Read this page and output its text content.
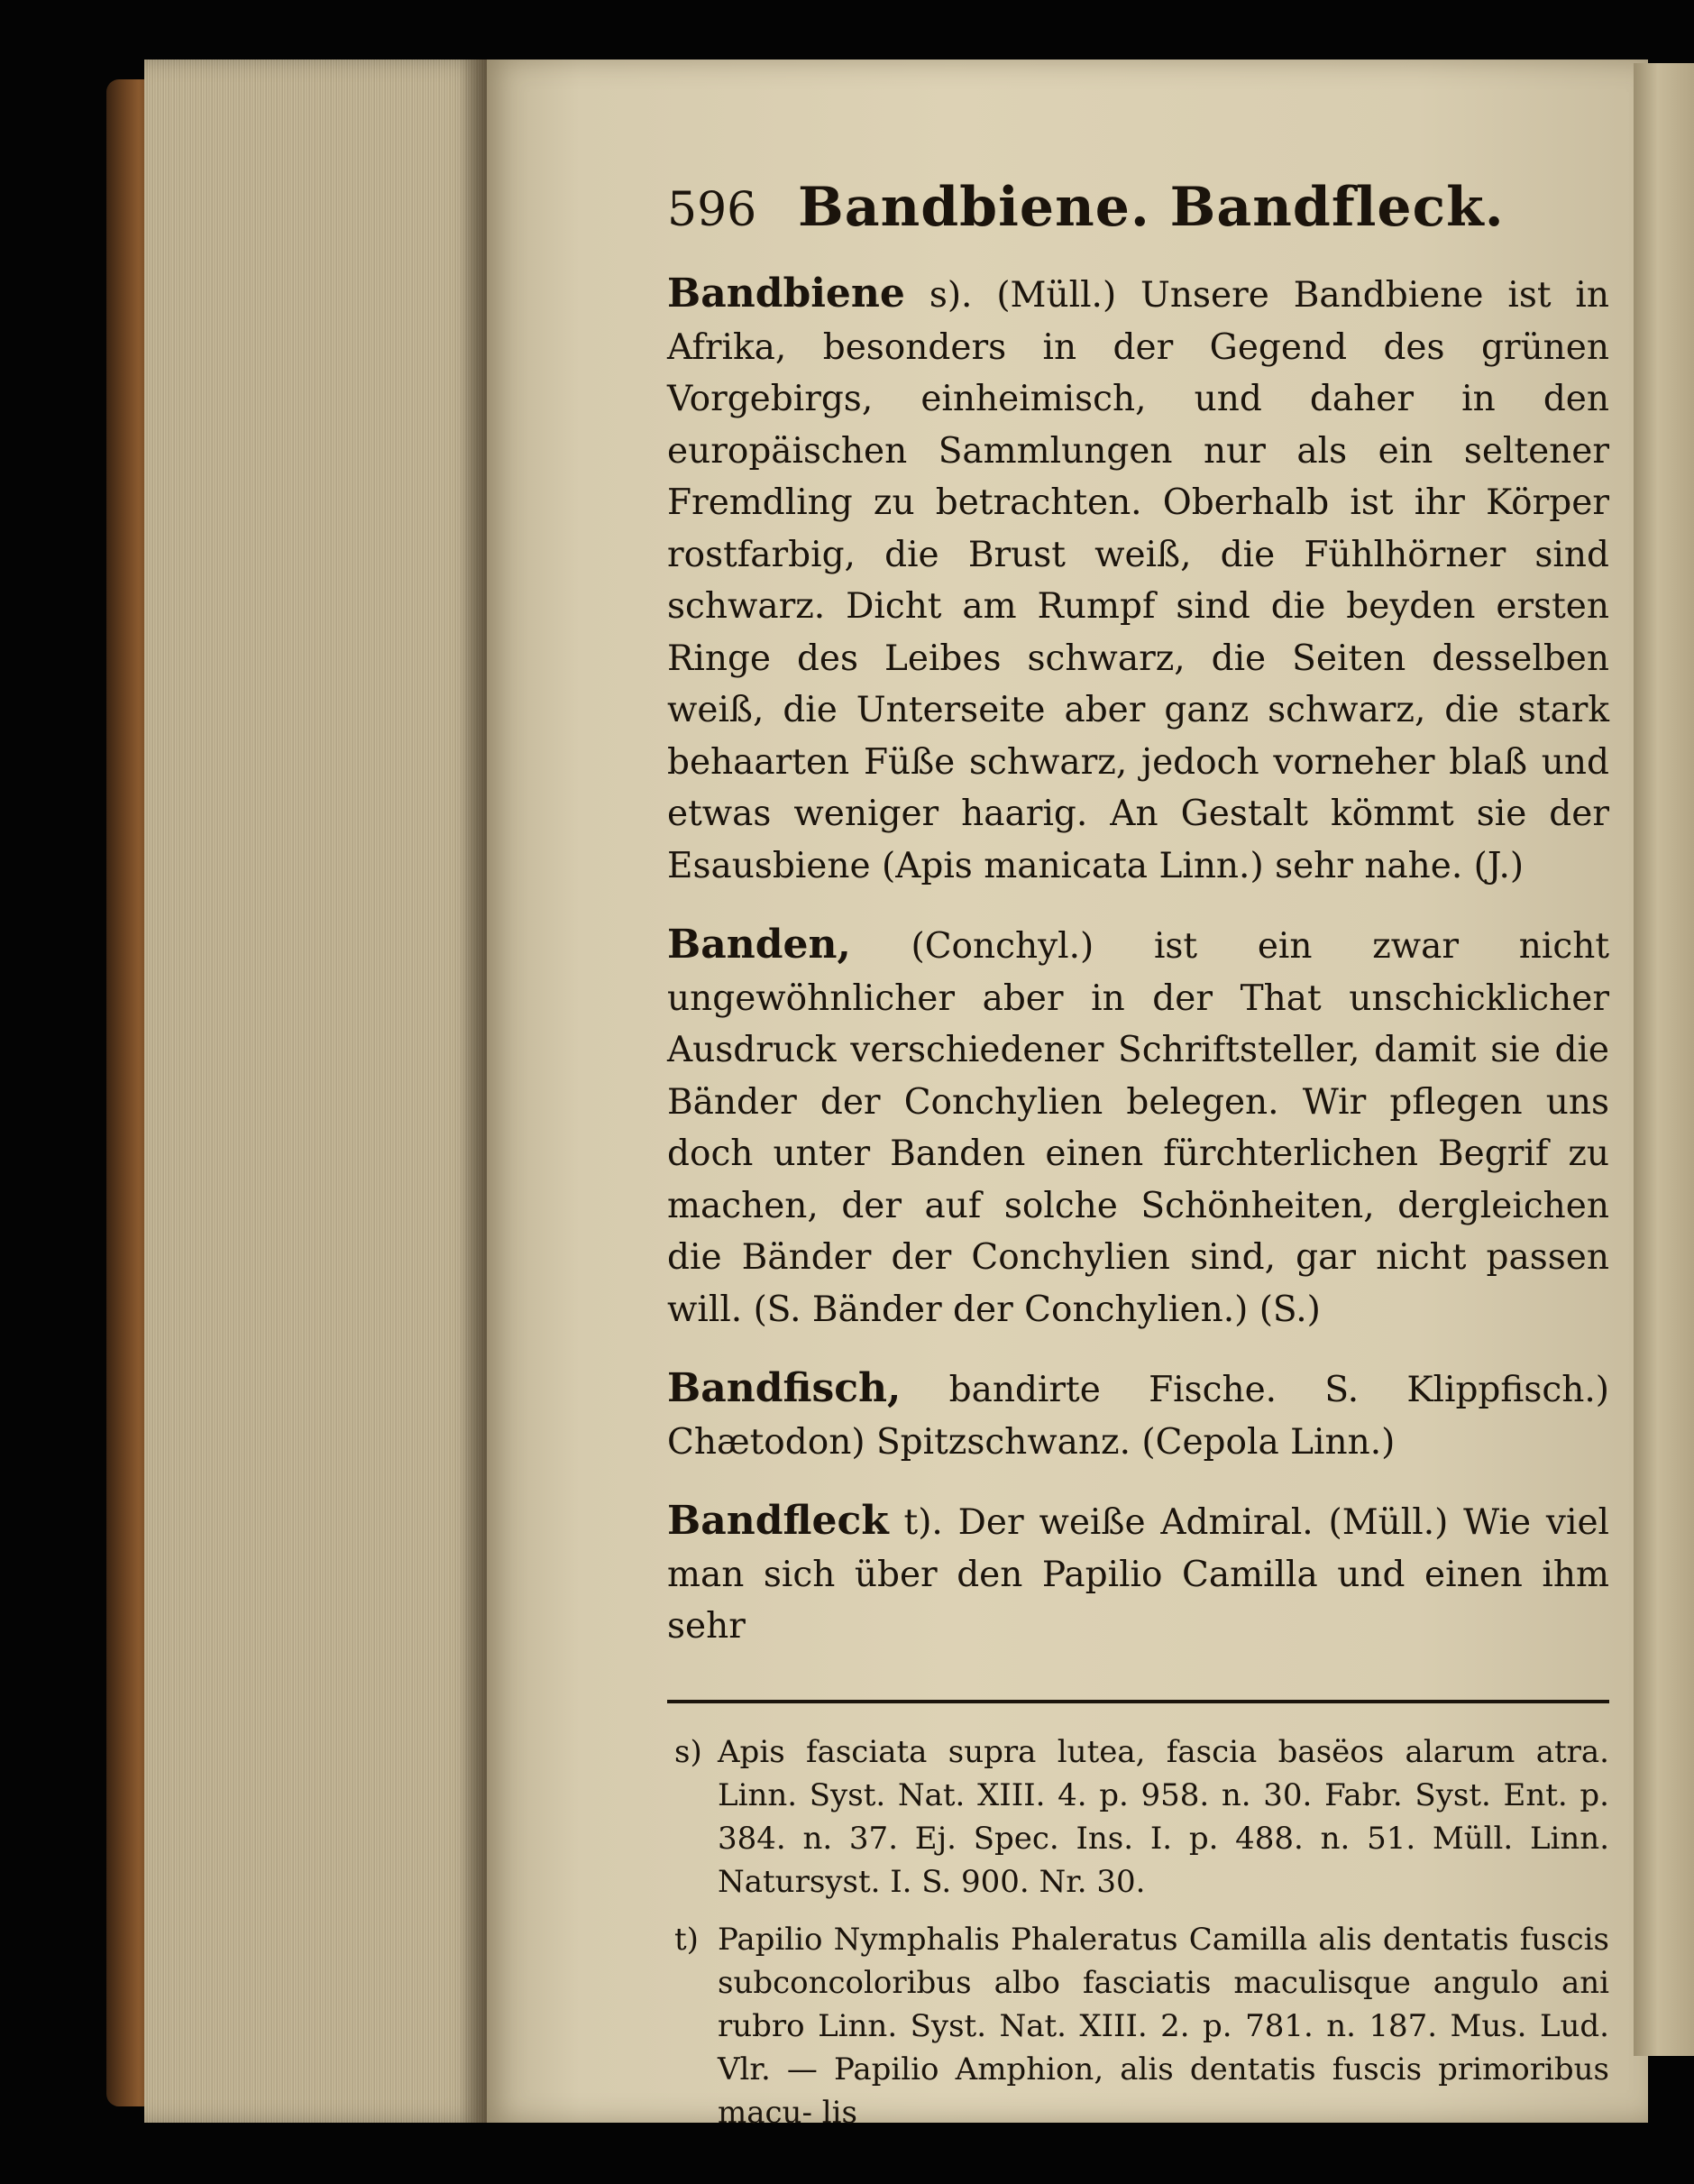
596 Bandbiene. Bandfleck.

Bandbiene s). (Müll.) Unsere Bandbiene ist in Afrika, besonders in der Gegend des grünen Vorgebirgs, einheimisch, und daher in den europäischen Sammlungen nur als ein seltener Fremdling zu betrachten. Oberhalb ist ihr Körper rostfarbig, die Brust weiß, die Fühlhörner sind schwarz. Dicht am Rumpf sind die beyden ersten Ringe des Leibes schwarz, die Seiten desselben weiß, die Unterseite aber ganz schwarz, die stark behaarten Füße schwarz, jedoch vorneher blaß und etwas weniger haarig. An Gestalt kömmt sie der Esausbiene (Apis manicata Linn.) sehr nahe. (J.)

Banden, (Conchyl.) ist ein zwar nicht ungewöhnlicher aber in der That unschicklicher Ausdruck verschiedener Schriftsteller, damit sie die Bänder der Conchylien belegen. Wir pflegen uns doch unter Banden einen fürchterlichen Begrif zu machen, der auf solche Schönheiten, dergleichen die Bänder der Conchylien sind, gar nicht passen will. (S. Bänder der Conchylien.) (S.)

Bandfisch, bandirte Fische. S. Klippfisch.) Chætodon) Spitzschwanz. (Cepola Linn.)

Bandfleck t). Der weiße Admiral. (Müll.) Wie viel man sich über den Papilio Camilla und einen ihm sehr

s) Apis fasciata supra lutea, fascia basëos alarum atra. Linn. Syst. Nat. XIII. 4. p. 958. n. 30. Fabr. Syst. Ent. p. 384. n. 37. Ej. Spec. Ins. I. p. 488. n. 51. Müll. Linn. Natursyst. I. S. 900. Nr. 30.
t) Papilio Nymphalis Phaleratus Camilla alis dentatis fuscis subconcoloribus albo fasciatis maculisque angulo ani rubro Linn. Syst. Nat. XIII. 2. p. 781. n. 187. Mus. Lud. Vlr. — Papilio Amphion, alis dentatis fuscis primoribus macu- lis
